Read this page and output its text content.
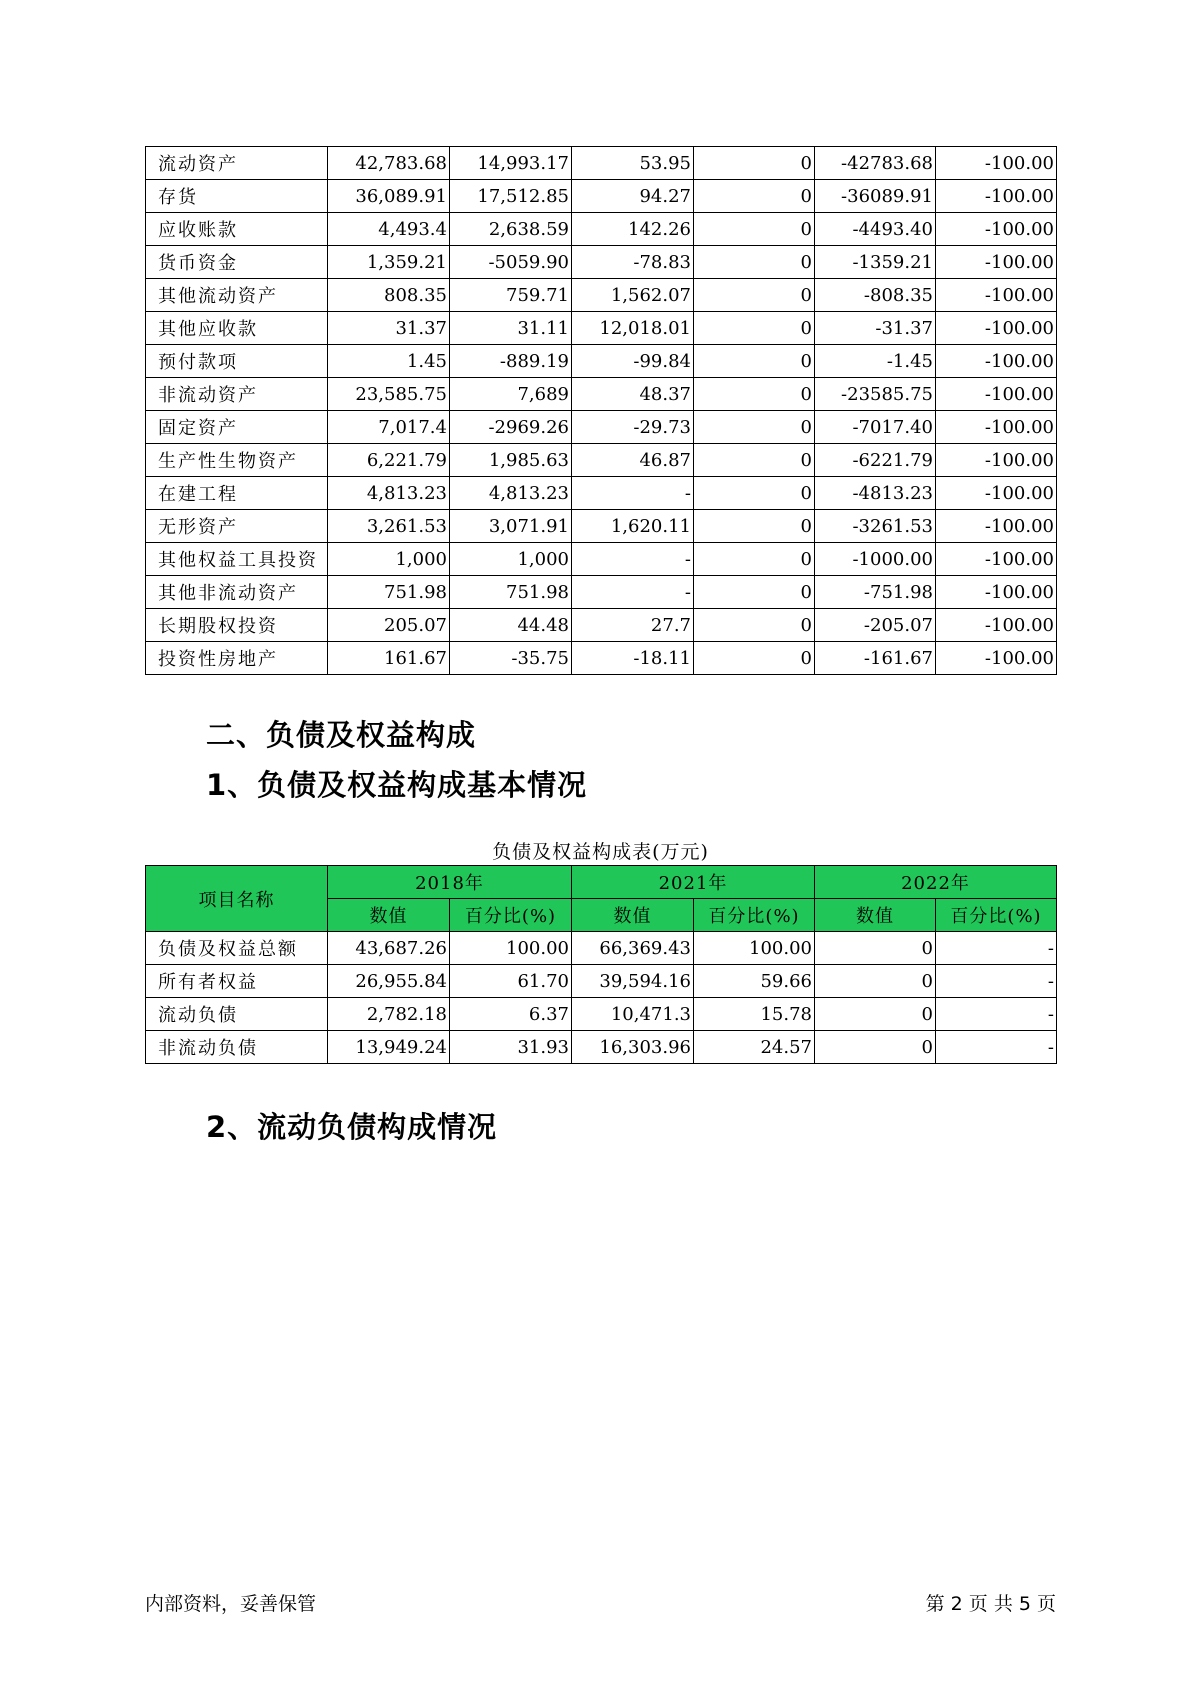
流动资产	42,783.68	14,993.17	53.95	0	-42783.68	-100.00
存货	36,089.91	17,512.85	94.27	0	-36089.91	-100.00
应收账款	4,493.4	2,638.59	142.26	0	-4493.40	-100.00
货币资金	1,359.21	-5059.90	-78.83	0	-1359.21	-100.00
其他流动资产	808.35	759.71	1,562.07	0	-808.35	-100.00
其他应收款	31.37	31.11	12,018.01	0	-31.37	-100.00
预付款项	1.45	-889.19	-99.84	0	-1.45	-100.00
非流动资产	23,585.75	7,689	48.37	0	-23585.75	-100.00
固定资产	7,017.4	-2969.26	-29.73	0	-7017.40	-100.00
生产性生物资产	6,221.79	1,985.63	46.87	0	-6221.79	-100.00
在建工程	4,813.23	4,813.23	-	0	-4813.23	-100.00
无形资产	3,261.53	3,071.91	1,620.11	0	-3261.53	-100.00
其他权益工具投资	1,000	1,000	-	0	-1000.00	-100.00
其他非流动资产	751.98	751.98	-	0	-751.98	-100.00
长期股权投资	205.07	44.48	27.7	0	-205.07	-100.00
投资性房地产	161.67	-35.75	-18.11	0	-161.67	-100.00
二、负债及权益构成
1、负债及权益构成基本情况
负债及权益构成表(万元)
项目名称	2018年		2021年		2022年	
	数值	百分比(%)	数值	百分比(%)	数值	百分比(%)
负债及权益总额	43,687.26	100.00	66,369.43	100.00	0	-
所有者权益	26,955.84	61.70	39,594.16	59.66	0	-
流动负债	2,782.18	6.37	10,471.3	15.78	0	-
非流动负债	13,949.24	31.93	16,303.96	24.57	0	-
2、流动负债构成情况
内部资料，妥善保管	第 2 页 共 5 页
